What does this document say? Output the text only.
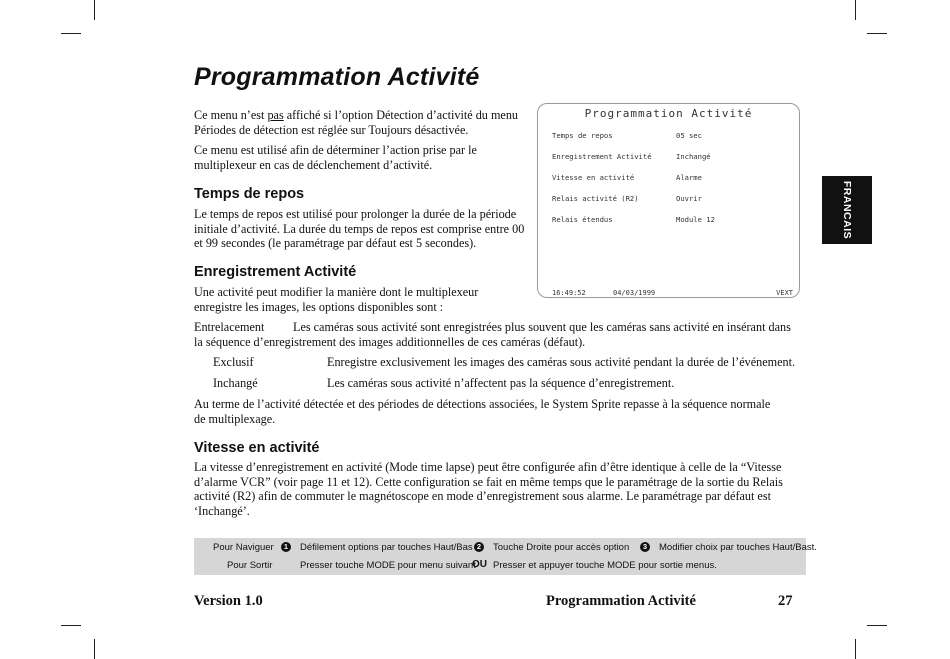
Programmation Activité

Ce menu n’est pas affiché si l’option Détection d’activité du menu Périodes de détection est réglée sur Toujours désactivée.

Ce menu est utilisé afin de déterminer l’action prise par le multiplexeur en cas de déclenchement d’activité.

Temps de repos

Le temps de repos est utilisé pour prolonger la durée de la période initiale d’activité. La durée du temps de repos est comprise entre 00 et 99 secondes (le paramétrage par défaut est 5 secondes).

Enregistrement Activité

Une activité peut modifier la manière dont le multiplexeur enregistre les images, les options disponibles sont :

Programmation Activité
Temps de repos	05 sec
Enregistrement Activité	Inchangé
Vitesse en activité	Alarme
Relais activité (R2)	Ouvrir
Relais étendus	Module 12
16:49:52	04/03/1999	VEXT
FRANCAIS

Entrelacement	Les caméras sous activité sont enregistrées plus souvent que les caméras sans activité en insérant dans la séquence d’enregistrement des images additionnelles de ces caméras (défaut).

Exclusif	Enregistre exclusivement les images des caméras sous activité pendant la durée de l’événement.

Inchangé	Les caméras sous activité n’affectent pas la séquence d’enregistrement.

Au terme de l’activité détectée et des périodes de détections associées, le System Sprite repasse à la séquence normale de multiplexage.

Vitesse en activité

La vitesse d’enregistrement en activité (Mode time lapse) peut être configurée afin d’être identique à celle de la “Vitesse d’alarme VCR” (voir page 11 et 12). Cette configuration se fait en même temps que le paramétrage de la sortie du Relais activité (R2) afin de commuter le magnétoscope en mode d’enregistrement sous alarme. Le paramétrage par défaut est ‘Inchangé’.

Pour Naviguer	1	Défilement options par touches Haut/Bas 2	Touche Droite pour accès option	3	Modifier choix par touches Haut/Bast.
Pour Sortir	Presser touche MODE pour menu suivant
OU Presser et appuyer touche MODE pour sortie menus.

Version 1.0	Programmation Activité	27
